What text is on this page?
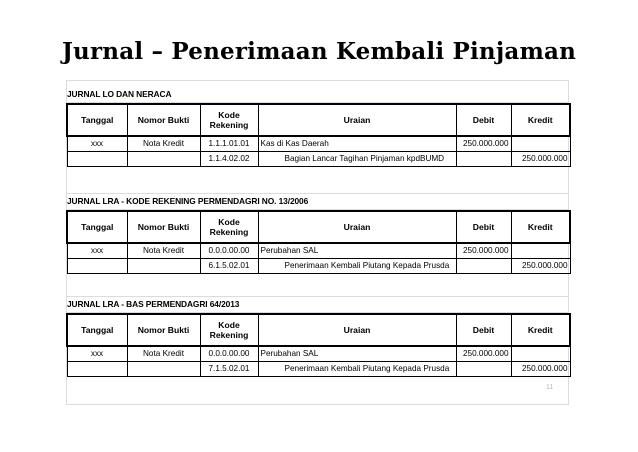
Jurnal – Penerimaan Kembali Pinjaman
JURNAL LO DAN NERACA
Tanggal	Nomor Bukti	Kode Rekening	Uraian	Debit	Kredit
xxx	Nota Kredit	1.1.1.01.01	Kas di Kas Daerah	250.000.000	
		1.1.4.02.02	Bagian Lancar Tagihan Pinjaman kpdBUMD		250.000.000
JURNAL LRA - KODE REKENING PERMENDAGRI NO. 13/2006
Tanggal	Nomor Bukti	Kode Rekening	Uraian	Debit	Kredit
xxx	Nota Kredit	0.0.0.00.00	Perubahan SAL	250.000.000	
		6.1.5.02.01	Penerimaan Kembali Piutang Kepada Prusda		250.000.000
JURNAL LRA - BAS PERMENDAGRI 64/2013
Tanggal	Nomor Bukti	Kode Rekening	Uraian	Debit	Kredit
xxx	Nota Kredit	0.0.0.00.00	Perubahan SAL	250.000.000	
		7.1.5.02.01	Penerimaan Kembali Piutang Kepada Prusda		250.000.000
11
